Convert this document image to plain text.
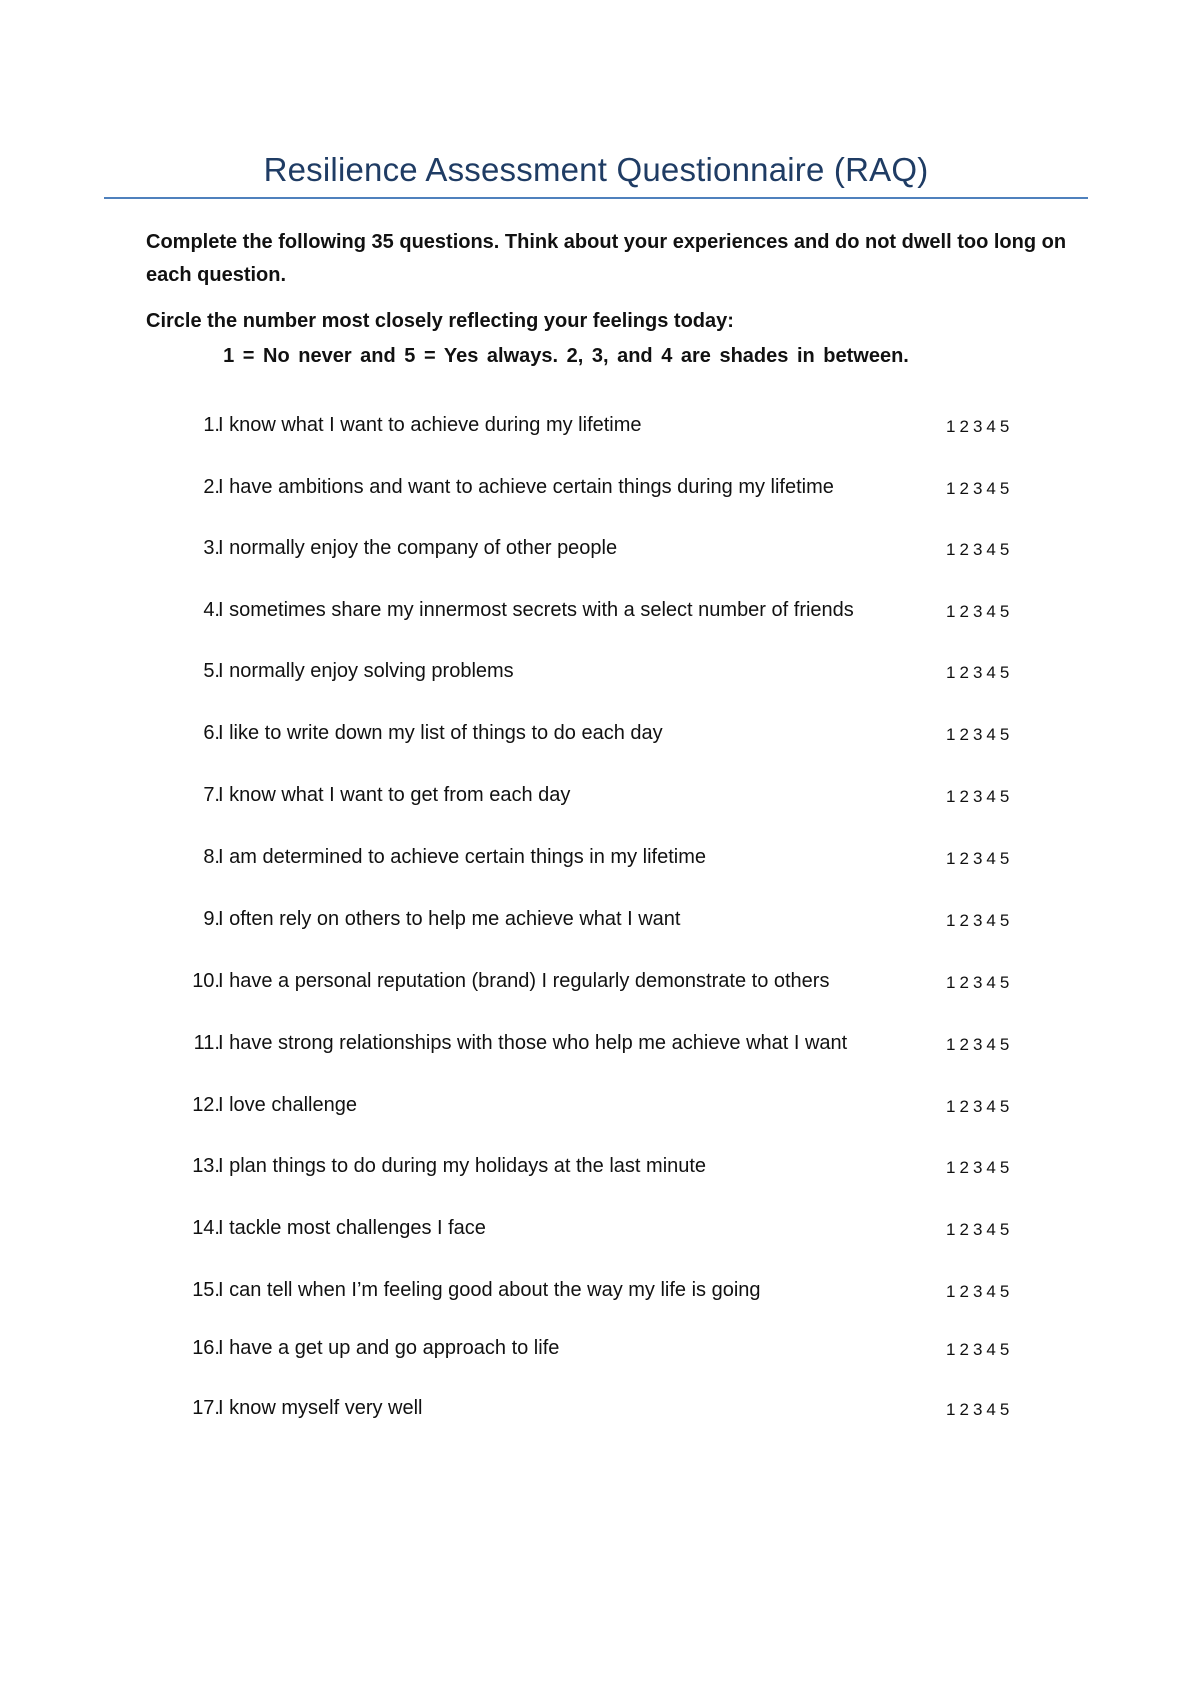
Resilience Assessment Questionnaire (RAQ)
Complete the following 35 questions. Think about your experiences and do not dwell too long on each question.
Circle the number most closely reflecting your feelings today:
1 = No never and 5 = Yes always. 2, 3, and 4 are shades in between.
1.
I know what I want to achieve during my lifetime	1 2 3 4 5
2.
I have ambitions and want to achieve certain things during my lifetime	1 2 3 4 5
3.
I normally enjoy the company of other people	1 2 3 4 5
4.
I sometimes share my innermost secrets with a select number of friends	1 2 3 4 5
5.
I normally enjoy solving problems	1 2 3 4 5
6.
I like to write down my list of things to do each day	1 2 3 4 5
7.
I know what I want to get from each day	1 2 3 4 5
8.
I am determined to achieve certain things in my lifetime	1 2 3 4 5
9.
I often rely on others to help me achieve what I want	1 2 3 4 5
10.
I have a personal reputation (brand) I regularly demonstrate to others	1 2 3 4 5
11.
I have strong relationships with those who help me achieve what I want	1 2 3 4 5
12.
I love challenge	1 2 3 4 5
13.
I plan things to do during my holidays at the last minute	1 2 3 4 5
14.
I tackle most challenges I face	1 2 3 4 5
15.
I can tell when I’m feeling good about the way my life is going	1 2 3 4 5
16.
I have a get up and go approach to life	1 2 3 4 5
17.
I know myself very well	1 2 3 4 5
